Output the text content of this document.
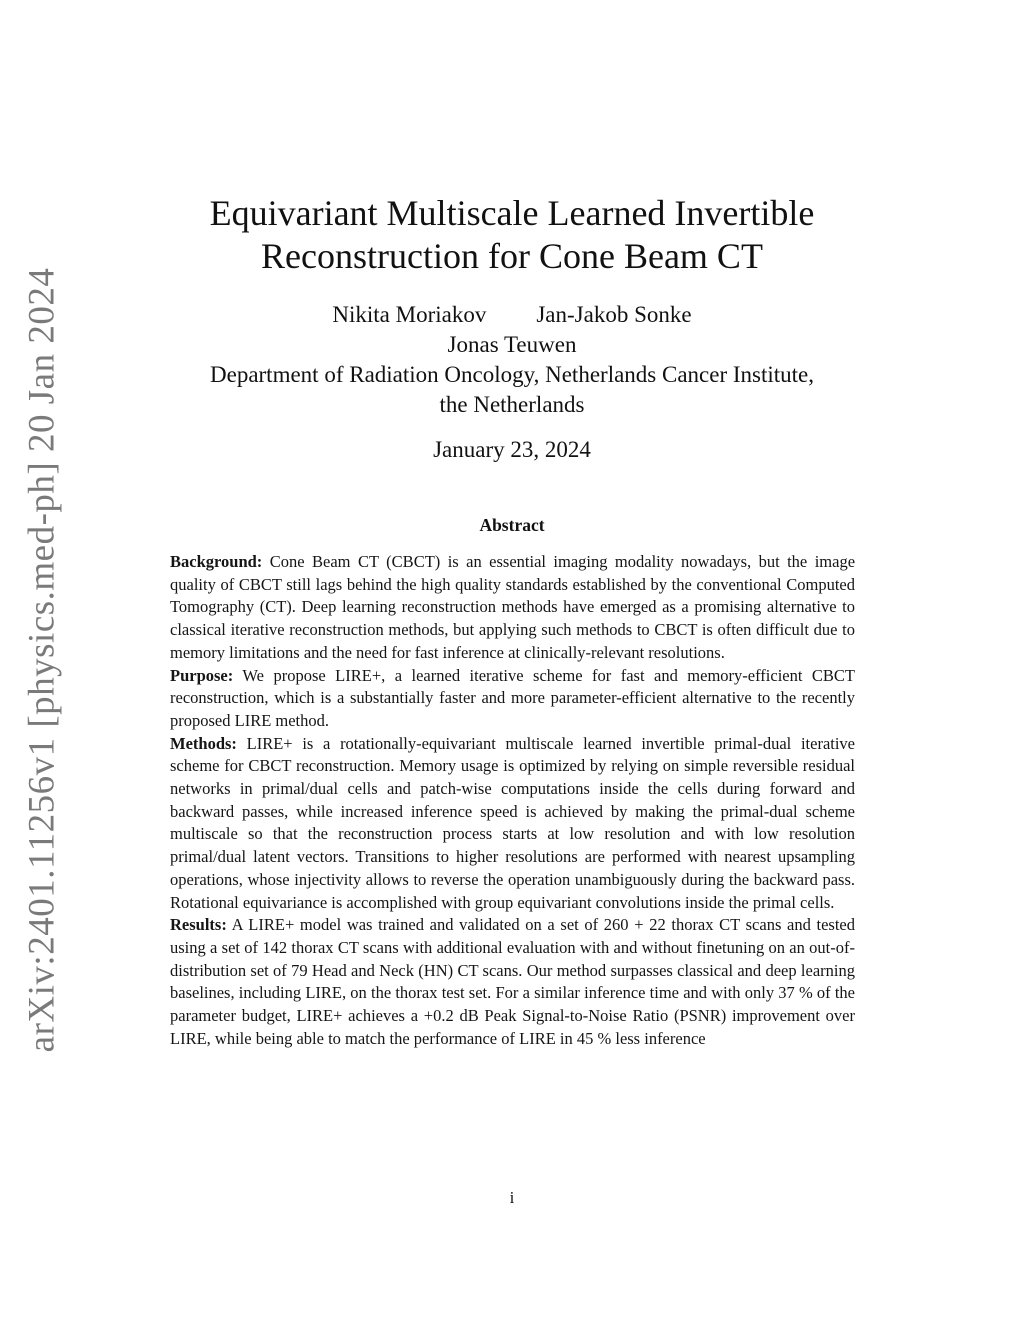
arXiv:2401.11256v1 [physics.med-ph] 20 Jan 2024
Equivariant Multiscale Learned Invertible
Reconstruction for Cone Beam CT
Nikita Moriakov Jan-Jakob Sonke
Jonas Teuwen
Department of Radiation Oncology, Netherlands Cancer Institute,
the Netherlands
January 23, 2024
Abstract

Background: Cone Beam CT (CBCT) is an essential imaging modality nowadays, but the image quality of CBCT still lags behind the high quality standards established by the conventional Computed Tomography (CT). Deep learning reconstruction methods have emerged as a promising alternative to classical iterative reconstruction methods, but applying such methods to CBCT is often difficult due to memory limitations and the need for fast inference at clinically-relevant resolutions.

Purpose: We propose LIRE+, a learned iterative scheme for fast and memory-efficient CBCT reconstruction, which is a substantially faster and more parameter-efficient alternative to the recently proposed LIRE method.

Methods: LIRE+ is a rotationally-equivariant multiscale learned invertible primal-dual iterative scheme for CBCT reconstruction. Memory usage is optimized by relying on simple reversible residual networks in primal/dual cells and patch-wise computations inside the cells during forward and backward passes, while increased inference speed is achieved by making the primal-dual scheme multiscale so that the reconstruction process starts at low resolution and with low resolution primal/dual latent vectors. Transitions to higher resolutions are performed with nearest upsampling operations, whose injectivity allows to reverse the operation unambiguously during the backward pass. Rotational equivariance is accomplished with group equivariant convolutions inside the primal cells.

Results: A LIRE+ model was trained and validated on a set of 260 + 22 thorax CT scans and tested using a set of 142 thorax CT scans with additional evaluation with and without finetuning on an out-of-distribution set of 79 Head and Neck (HN) CT scans. Our method surpasses classical and deep learning baselines, including LIRE, on the thorax test set. For a similar inference time and with only 37 % of the parameter budget, LIRE+ achieves a +0.2 dB Peak Signal-to-Noise Ratio (PSNR) improvement over LIRE, while being able to match the performance of LIRE in 45 % less inference

i
